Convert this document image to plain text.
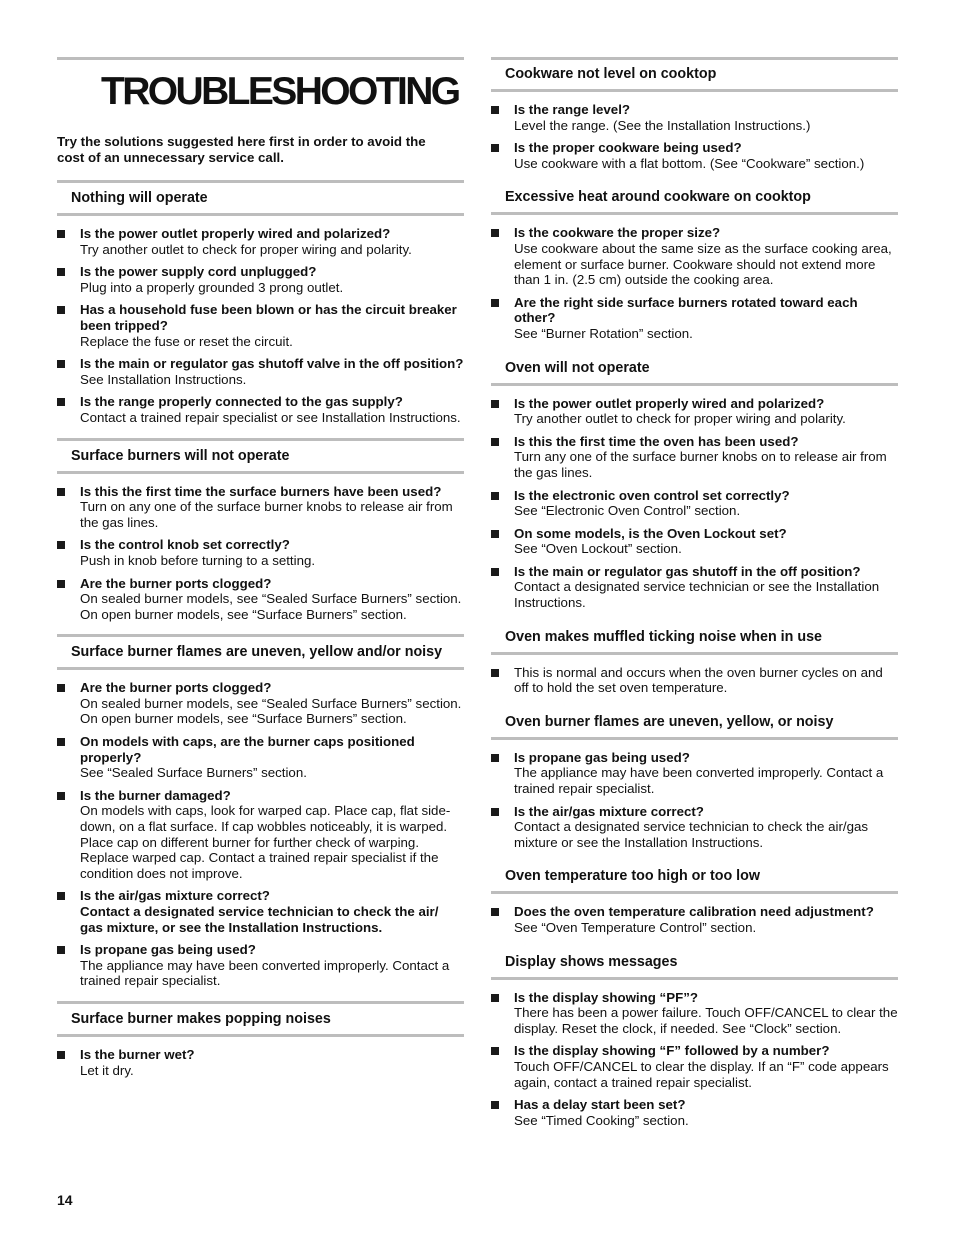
TROUBLESHOOTING
Try the solutions suggested here first in order to avoid the cost of an unnecessary service call.
Nothing will operate
Is the power outlet properly wired and polarized?
Try another outlet to check for proper wiring and polarity.
Is the power supply cord unplugged?
Plug into a properly grounded 3 prong outlet.
Has a household fuse been blown or has the circuit breaker been tripped?
Replace the fuse or reset the circuit.
Is the main or regulator gas shutoff valve in the off position?
See Installation Instructions.
Is the range properly connected to the gas supply?
Contact a trained repair specialist or see Installation Instructions.
Surface burners will not operate
Is this the first time the surface burners have been used?
Turn on any one of the surface burner knobs to release air from the gas lines.
Is the control knob set correctly?
Push in knob before turning to a setting.
Are the burner ports clogged?
On sealed burner models, see “Sealed Surface Burners” section.
On open burner models, see “Surface Burners” section.
Surface burner flames are uneven, yellow and/or noisy
Are the burner ports clogged?
On sealed burner models, see “Sealed Surface Burners” section.
On open burner models, see “Surface Burners” section.
On models with caps, are the burner caps positioned properly?
See “Sealed Surface Burners” section.
Is the burner damaged?
On models with caps, look for warped cap. Place cap, flat side-down, on a flat surface. If cap wobbles noticeably, it is warped. Place cap on different burner for further check of warping. Replace warped cap. Contact a trained repair specialist if the condition does not improve.
Is the air/gas mixture correct?
Contact a designated service technician to check the air/ gas mixture, or see the Installation Instructions.
Is propane gas being used?
The appliance may have been converted improperly. Contact a trained repair specialist.
Surface burner makes popping noises
Is the burner wet?
Let it dry.
Cookware not level on cooktop
Is the range level?
Level the range. (See the Installation Instructions.)
Is the proper cookware being used?
Use cookware with a flat bottom. (See “Cookware” section.)
Excessive heat around cookware on cooktop
Is the cookware the proper size?
Use cookware about the same size as the surface cooking area, element or surface burner. Cookware should not extend more than 1 in. (2.5 cm) outside the cooking area.
Are the right side surface burners rotated toward each other?
See “Burner Rotation” section.
Oven will not operate
Is the power outlet properly wired and polarized?
Try another outlet to check for proper wiring and polarity.
Is this the first time the oven has been used?
Turn any one of the surface burner knobs on to release air from the gas lines.
Is the electronic oven control set correctly?
See “Electronic Oven Control” section.
On some models, is the Oven Lockout set?
See “Oven Lockout” section.
Is the main or regulator gas shutoff in the off position?
Contact a designated service technician or see the Installation Instructions.
Oven makes muffled ticking noise when in use
This is normal and occurs when the oven burner cycles on and off to hold the set oven temperature.
Oven burner flames are uneven, yellow, or noisy
Is propane gas being used?
The appliance may have been converted improperly. Contact a trained repair specialist.
Is the air/gas mixture correct?
Contact a designated service technician to check the air/gas mixture or see the Installation Instructions.
Oven temperature too high or too low
Does the oven temperature calibration need adjustment?
See “Oven Temperature Control” section.
Display shows messages
Is the display showing “PF”?
There has been a power failure. Touch OFF/CANCEL to clear the display. Reset the clock, if needed. See “Clock” section.
Is the display showing “F” followed by a number?
Touch OFF/CANCEL to clear the display. If an “F” code appears again, contact a trained repair specialist.
Has a delay start been set?
See “Timed Cooking” section.
14
